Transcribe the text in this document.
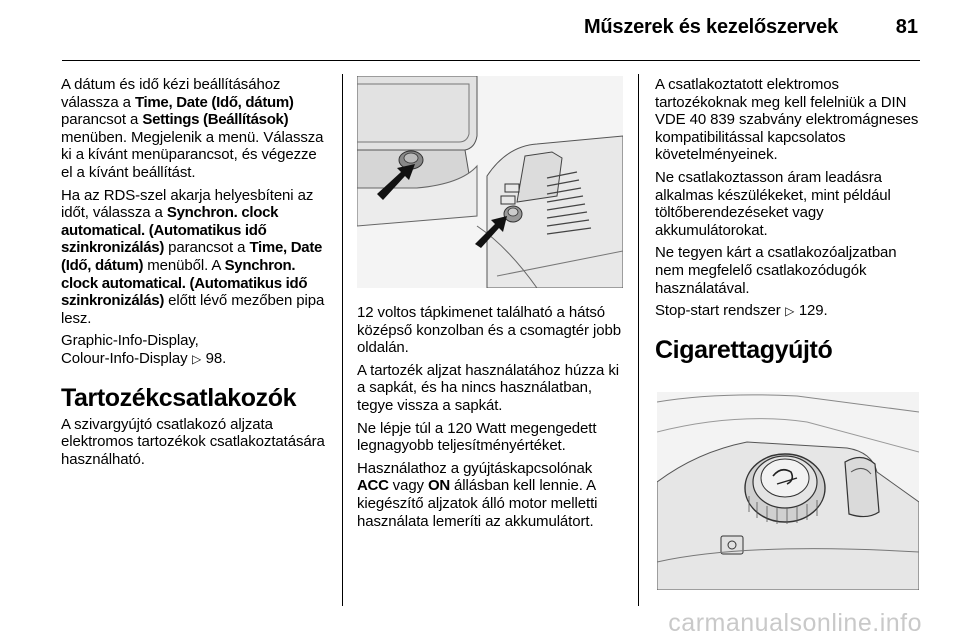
Műszerek és kezelőszervek	81

A dátum és idő kézi beállításához válassza a Time, Date (Idő, dátum) parancsot a Settings (Beállítások) menüben. Megjelenik a menü. Válassza ki a kívánt menüparancsot, és végezze el a kívánt beállítást.

Ha az RDS-szel akarja helyesbíteni az időt, válassza a Synchron. clock automatical. (Automatikus idő szinkronizálás) parancsot a Time, Date (Idő, dátum) menüből. A Synchron. clock automatical. (Automatikus idő szinkronizálás) előtt lévő mezőben pipa lesz.

Graphic-Info-Display,
Colour-Info-Display ▷ 98.

Tartozékcsatlakozók

A szivargyújtó csatlakozó aljzata elektromos tartozékok csatlakoztatására használható.

12 voltos tápkimenet található a hátsó középső konzolban és a csomagtér jobb oldalán.

A tartozék aljzat használatához húzza ki a sapkát, és ha nincs használatban, tegye vissza a sapkát.

Ne lépje túl a 120 Watt megengedett legnagyobb teljesítményértéket.

Használathoz a gyújtáskapcsolónak ACC vagy ON állásban kell lennie. A kiegészítő aljzatok álló motor melletti használata lemeríti az akkumulátort.

A csatlakoztatott elektromos tartozékoknak meg kell felelniük a DIN VDE 40 839 szabvány elektromágneses kompatibilitással kapcsolatos követelményeinek.

Ne csatlakoztasson áram leadásra alkalmas készülékeket, mint például töltőberendezéseket vagy akkumulátorokat.

Ne tegyen kárt a csatlakozóaljzatban nem megfelelő csatlakozódugók használatával.

Stop-start rendszer ▷ 129.

Cigarettagyújtó
carmanualsonline.info
